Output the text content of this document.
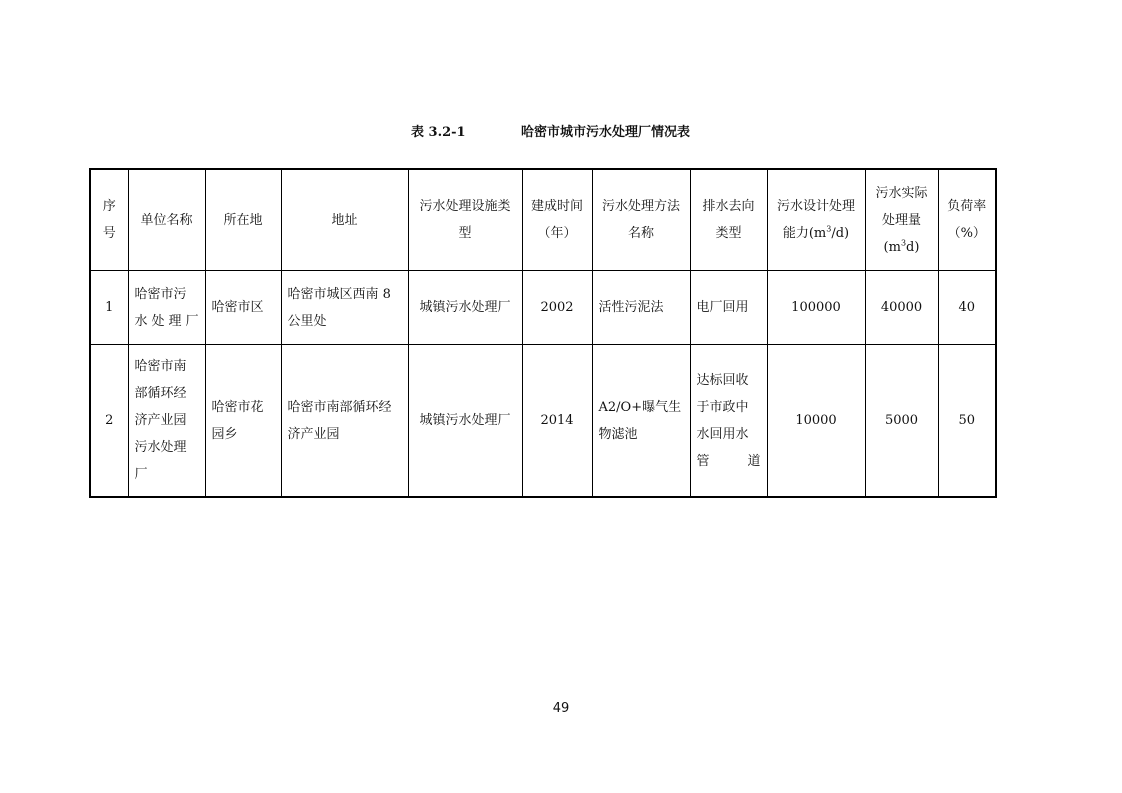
表 3.2-1	哈密市城市污水处理厂情况表
序号	单位名称	所在地	地址	污水处理设施类型	建成时间（年）	污水处理方法名称	排水去向类型	污水设计处理能力$(m^3/d)$	污水实际处理量$(m^3d)$	负荷率（%）
1	哈密市污水处理厂	哈密市区	哈密市城区西南 8 公里处	城镇污水处理厂	2002	活性污泥法	电厂回用	100000	40000	40
2	哈密市南部循环经济产业园污水处理厂	哈密市花园乡	哈密市南部循环经济产业园	城镇污水处理厂	2014	A2/O+曝气生物滤池	达标回收于市政中水回用水管道	10000	5000	50
49
